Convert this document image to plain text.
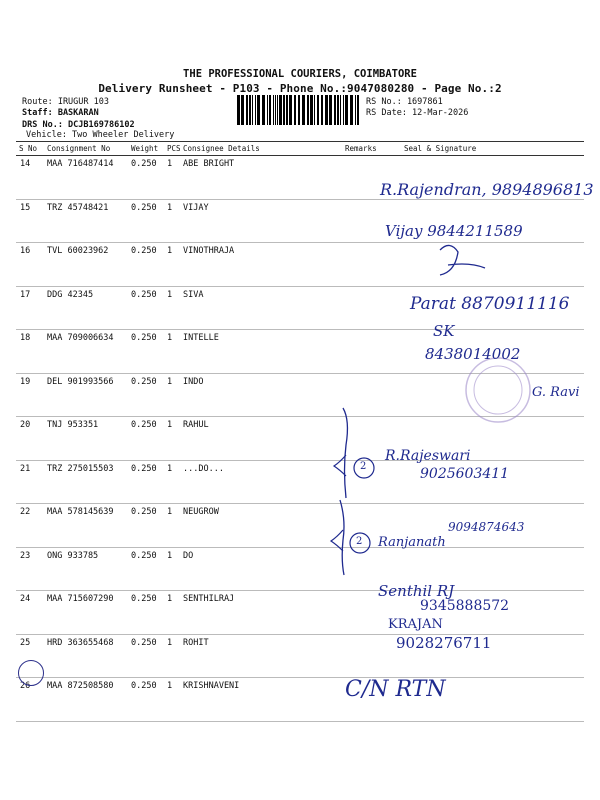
THE PROFESSIONAL COURIERS, COIMBATORE
Delivery Runsheet - P103 - Phone No.:9047080280 - Page No.:2
Route: IRUGUR 103
Staff: BASKARAN
DRS No.: DCJB169786102
Vehicle: Two Wheeler Delivery
RS No.: 1697861
RS Date: 12-Mar-2026
S No	Consignment No	Weight	PCS	Consignee Details	Remarks	Seal & Signature
14	MAA 716487414	0.250	1	ABE BRIGHT		
15	TRZ 45748421	0.250	1	VIJAY		
16	TVL 60023962	0.250	1	VINOTHRAJA		
17	DDG 42345	0.250	1	SIVA		
18	MAA 709006634	0.250	1	INTELLE		
19	DEL 901993566	0.250	1	INDO		
20	TNJ 953351	0.250	1	RAHUL		
21	TRZ 275015503	0.250	1	...DO...		
22	MAA 578145639	0.250	1	NEUGROW		
23	ONG 933785	0.250	1	DO		
24	MAA 715607290	0.250	1	SENTHILRAJ		
25	HRD 363655468	0.250	1	ROHIT		
26	MAA 872508580	0.250	1	KRISHNAVENI		
R.Rajendran, 9894896813
Vijay 9844211589
Parat 8870911116
SK
8438014002
G. Ravi
2
R.Rajeswari
9025603411
2 Ranjanath
9094874643
Senthil RJ
9345888572
KRAJAN
9028276711
C/N RTN
